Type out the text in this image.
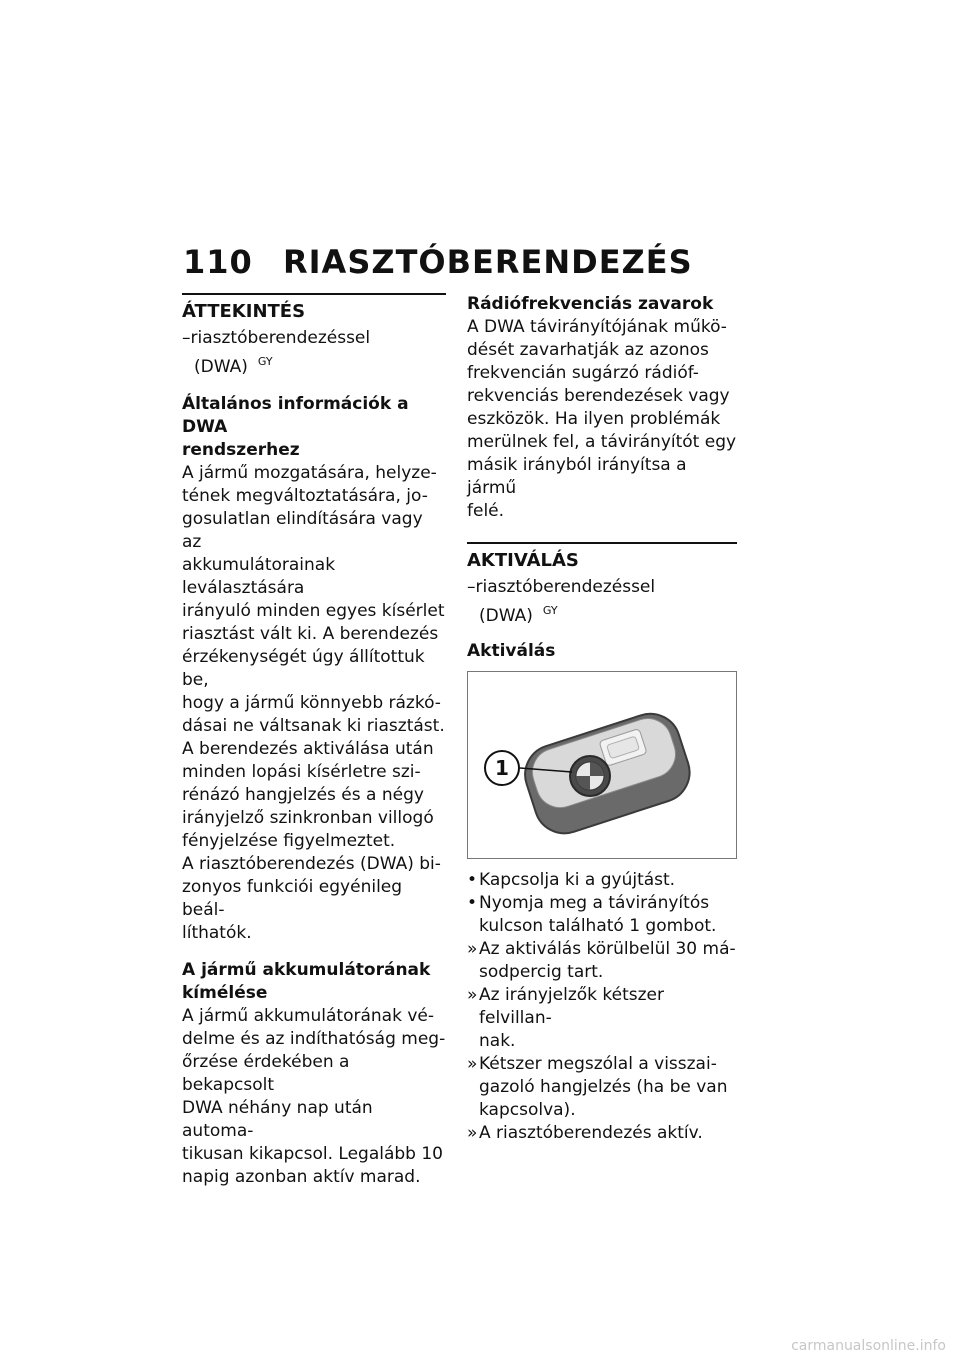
110 RIASZTÓBERENDEZÉS
ÁTTEKINTÉS
–riasztóberendezéssel
(DWA) $^{GY}$
Általános információk a DWA
rendszerhez

A jármű mozgatására, helyze-

tének megváltoztatására, jo-

gosulatlan elindítására vagy az

akkumulátorainak leválasztására

irányuló minden egyes kísérlet

riasztást vált ki. A berendezés

érzékenységét úgy állítottuk be,

hogy a jármű könnyebb rázkó-

dásai ne váltsanak ki riasztást.

A berendezés aktiválása után

minden lopási kísérletre szi-

rénázó hangjelzés és a négy

irányjelző szinkronban villogó

fényjelzése figyelmeztet.

A riasztóberendezés (DWA) bi-

zonyos funkciói egyénileg beál-

líthatók.

A jármű akkumulátorának
kímélése

A jármű akkumulátorának vé-

delme és az indíthatóság meg-

őrzése érdekében a bekapcsolt

DWA néhány nap után automa-

tikusan kikapcsol. Legalább 10

napig azonban aktív marad.

Rádiófrekvenciás zavarok

A DWA távirányítójának műkö-

dését zavarhatják az azonos

frekvencián sugárzó rádióf-

rekvenciás berendezések vagy

eszközök. Ha ilyen problémák

merülnek fel, a távirányítót egy

másik irányból irányítsa a jármű

felé.

AKTIVÁLÁS
–riasztóberendezéssel
(DWA) $^{GY}$
Aktiválás
1
• Kapcsolja ki a gyújtást.
• Nyomja meg a távirányítós
kulcson található 1 gombot.
» Az aktiválás körülbelül 30 má-
sodpercig tart.
» Az irányjelzők kétszer felvillan-
nak.
» Kétszer megszólal a visszai-
gazoló hangjelzés (ha be van
kapcsolva).
» A riasztóberendezés aktív.
carmanualsonline.info
